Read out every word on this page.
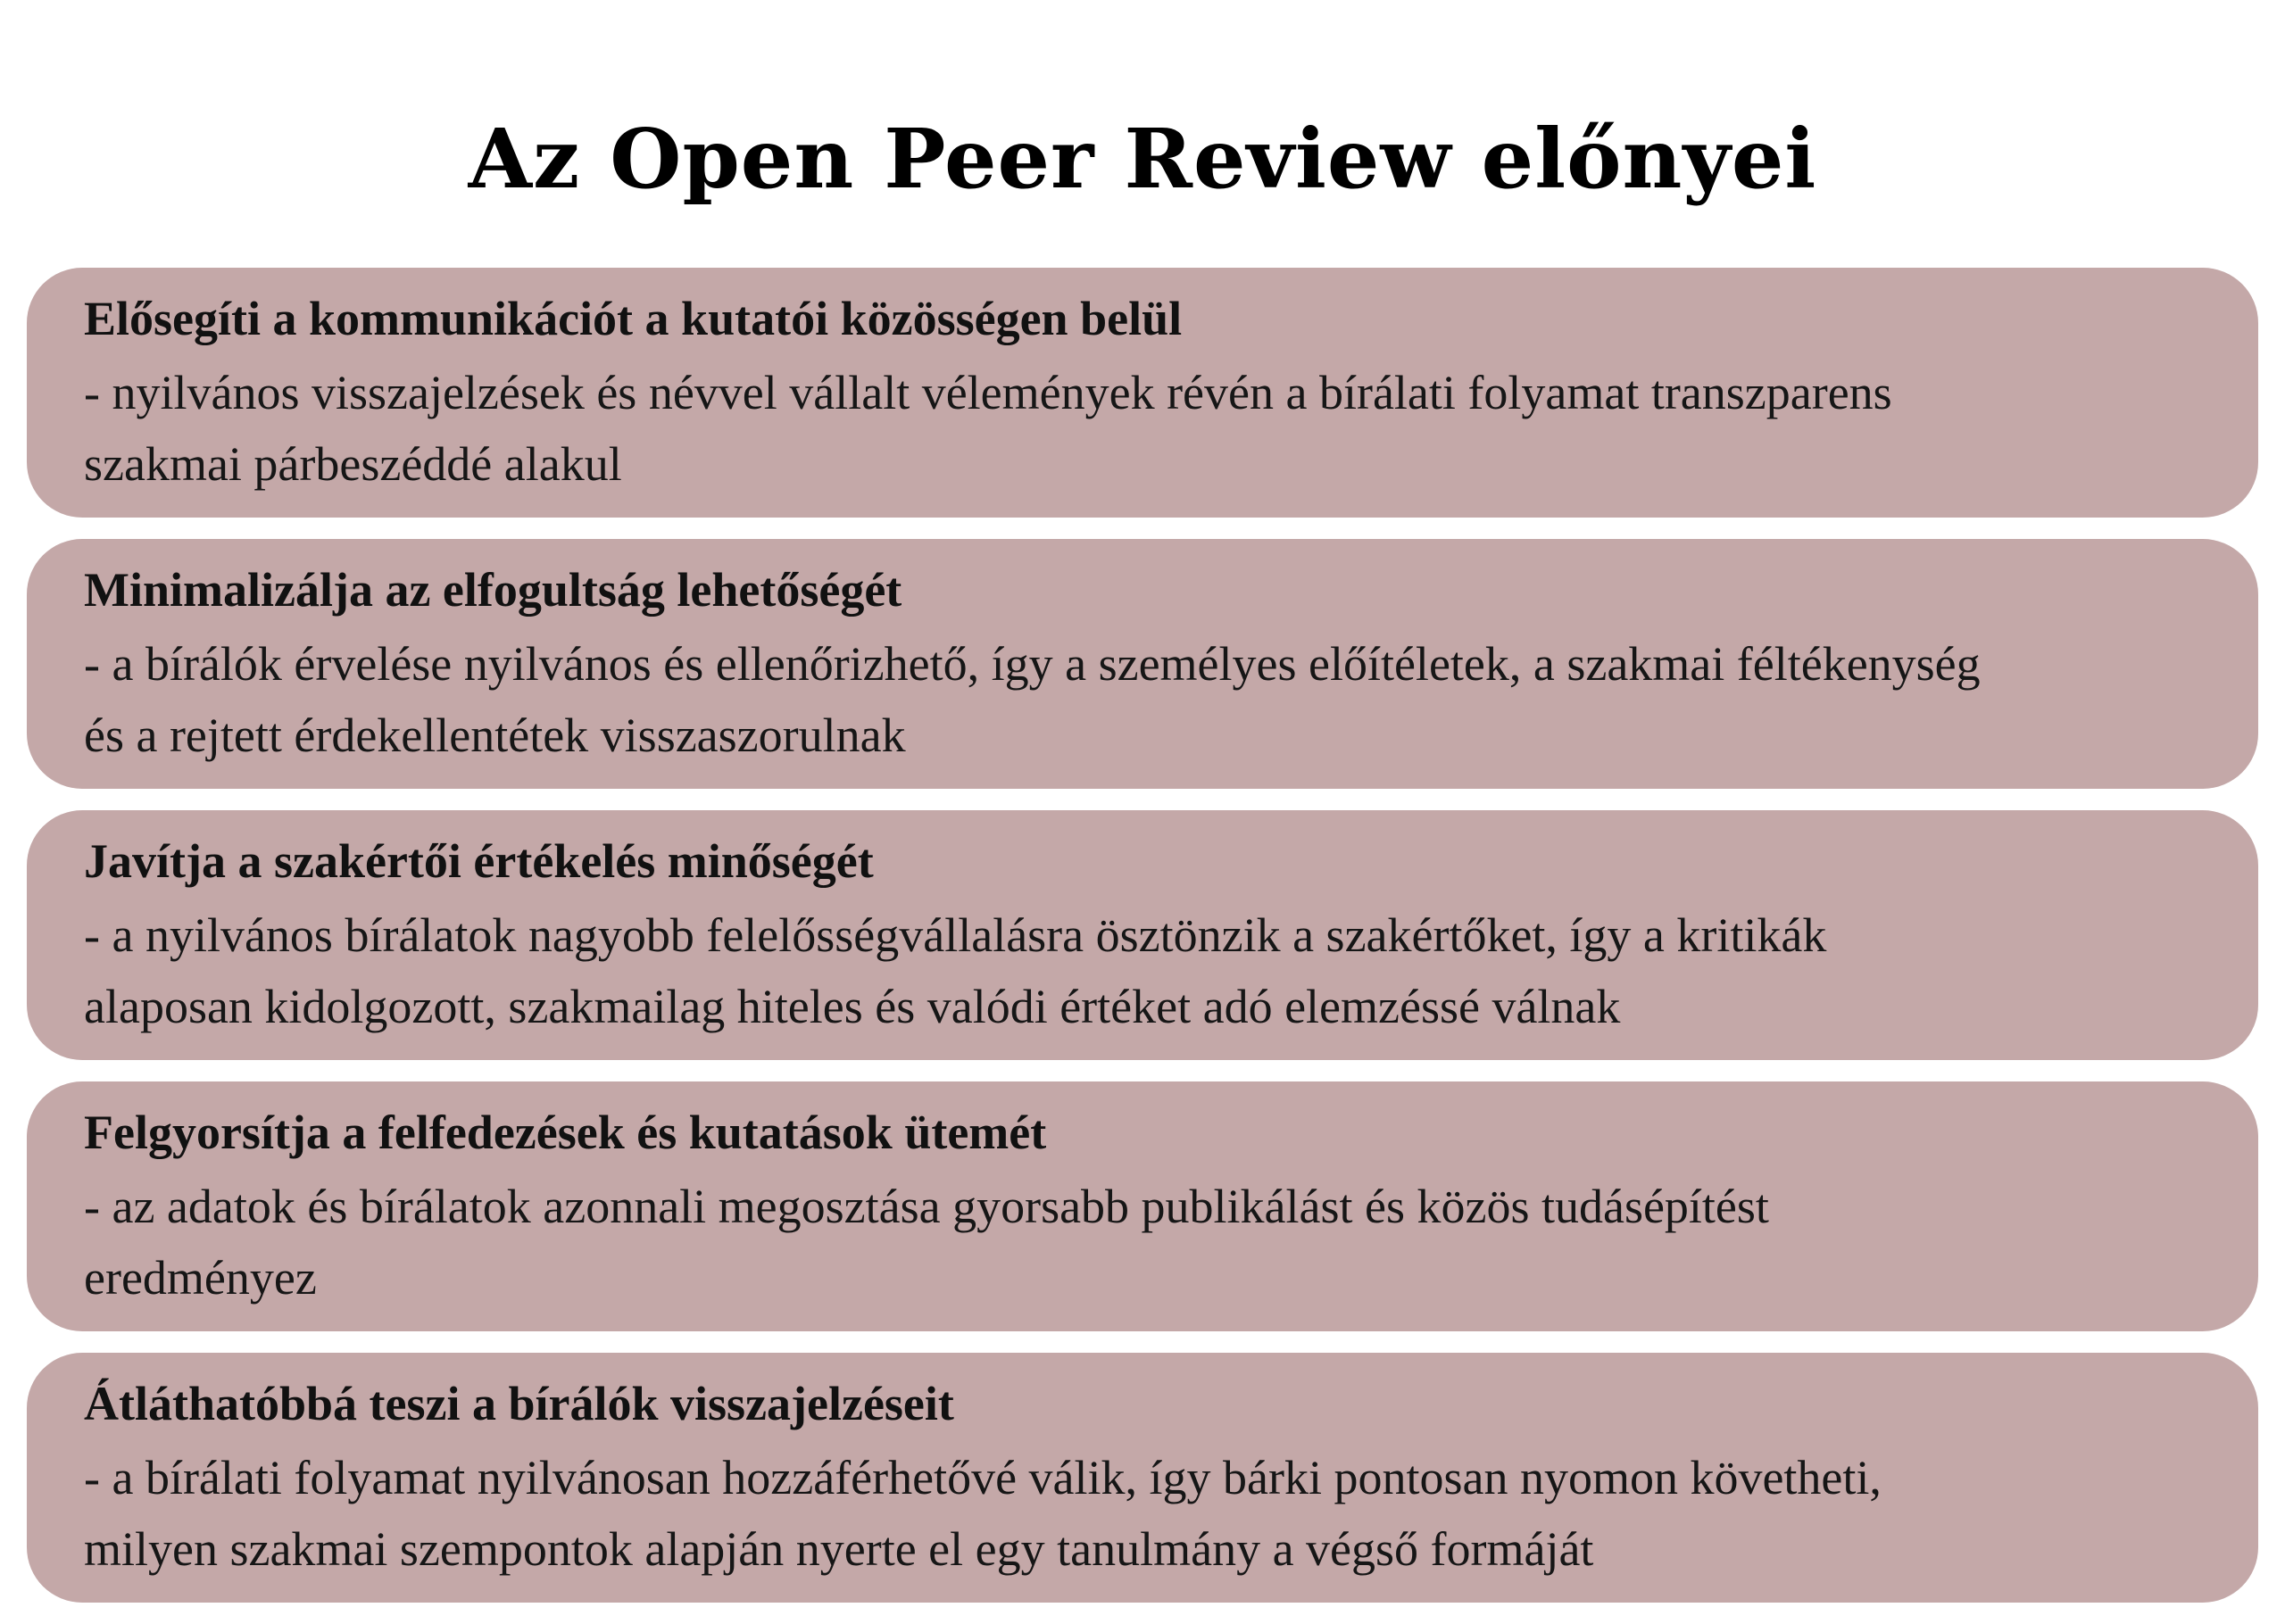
Az Open Peer Review előnyei

Elősegíti a kommunikációt a kutatói közösségen belül

- nyilvános visszajelzések és névvel vállalt vélemények révén a bírálati folyamat transzparens
szakmai párbeszéddé alakul

Minimalizálja az elfogultság lehetőségét

- a bírálók érvelése nyilvános és ellenőrizhető, így a személyes előítéletek, a szakmai féltékenység
és a rejtett érdekellentétek visszaszorulnak

Javítja a szakértői értékelés minőségét

- a nyilvános bírálatok nagyobb felelősségvállalásra ösztönzik a szakértőket, így a kritikák
alaposan kidolgozott, szakmailag hiteles és valódi értéket adó elemzéssé válnak

Felgyorsítja a felfedezések és kutatások ütemét

- az adatok és bírálatok azonnali megosztása gyorsabb publikálást és közös tudásépítést
eredményez

Átláthatóbbá teszi a bírálók visszajelzéseit

- a bírálati folyamat nyilvánosan hozzáférhetővé válik, így bárki pontosan nyomon követheti,
milyen szakmai szempontok alapján nyerte el egy tanulmány a végső formáját
